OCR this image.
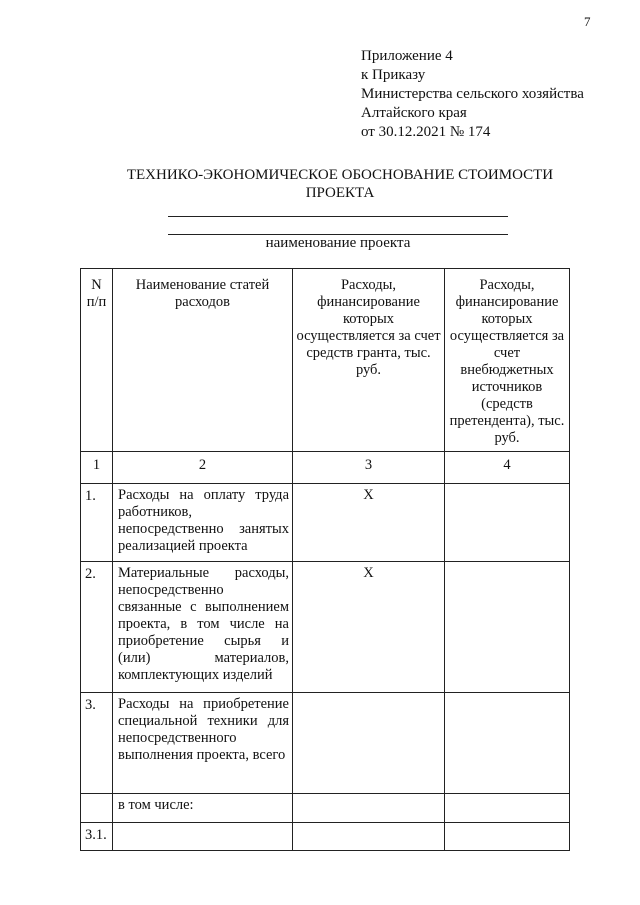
7
Приложение 4
к Приказу
Министерства сельского хозяйства
Алтайского края
от 30.12.2021 № 174
ТЕХНИКО-ЭКОНОМИЧЕСКОЕ ОБОСНОВАНИЕ СТОИМОСТИ
ПРОЕКТА
наименование проекта
N
п/п	Наименование статей расходов	Расходы, финансирование которых осуществляется за счет средств гранта, тыс. руб.	Расходы, финансирование которых осуществляется за счет внебюджетных источников (средств претендента), тыс. руб.
1	2	3	4
1.	Расходы на оплату труда работников, непосредственно занятых реализацией проекта	X	
2.	Материальные расходы, непосредственно связанные с выполнением проекта, в том числе на приобретение сырья и (или) материалов, комплектующих изделий	X	
3.	Расходы на приобретение специальной техники для непосредственного выполнения проекта, всего		
	в том числе:		
3.1.			
